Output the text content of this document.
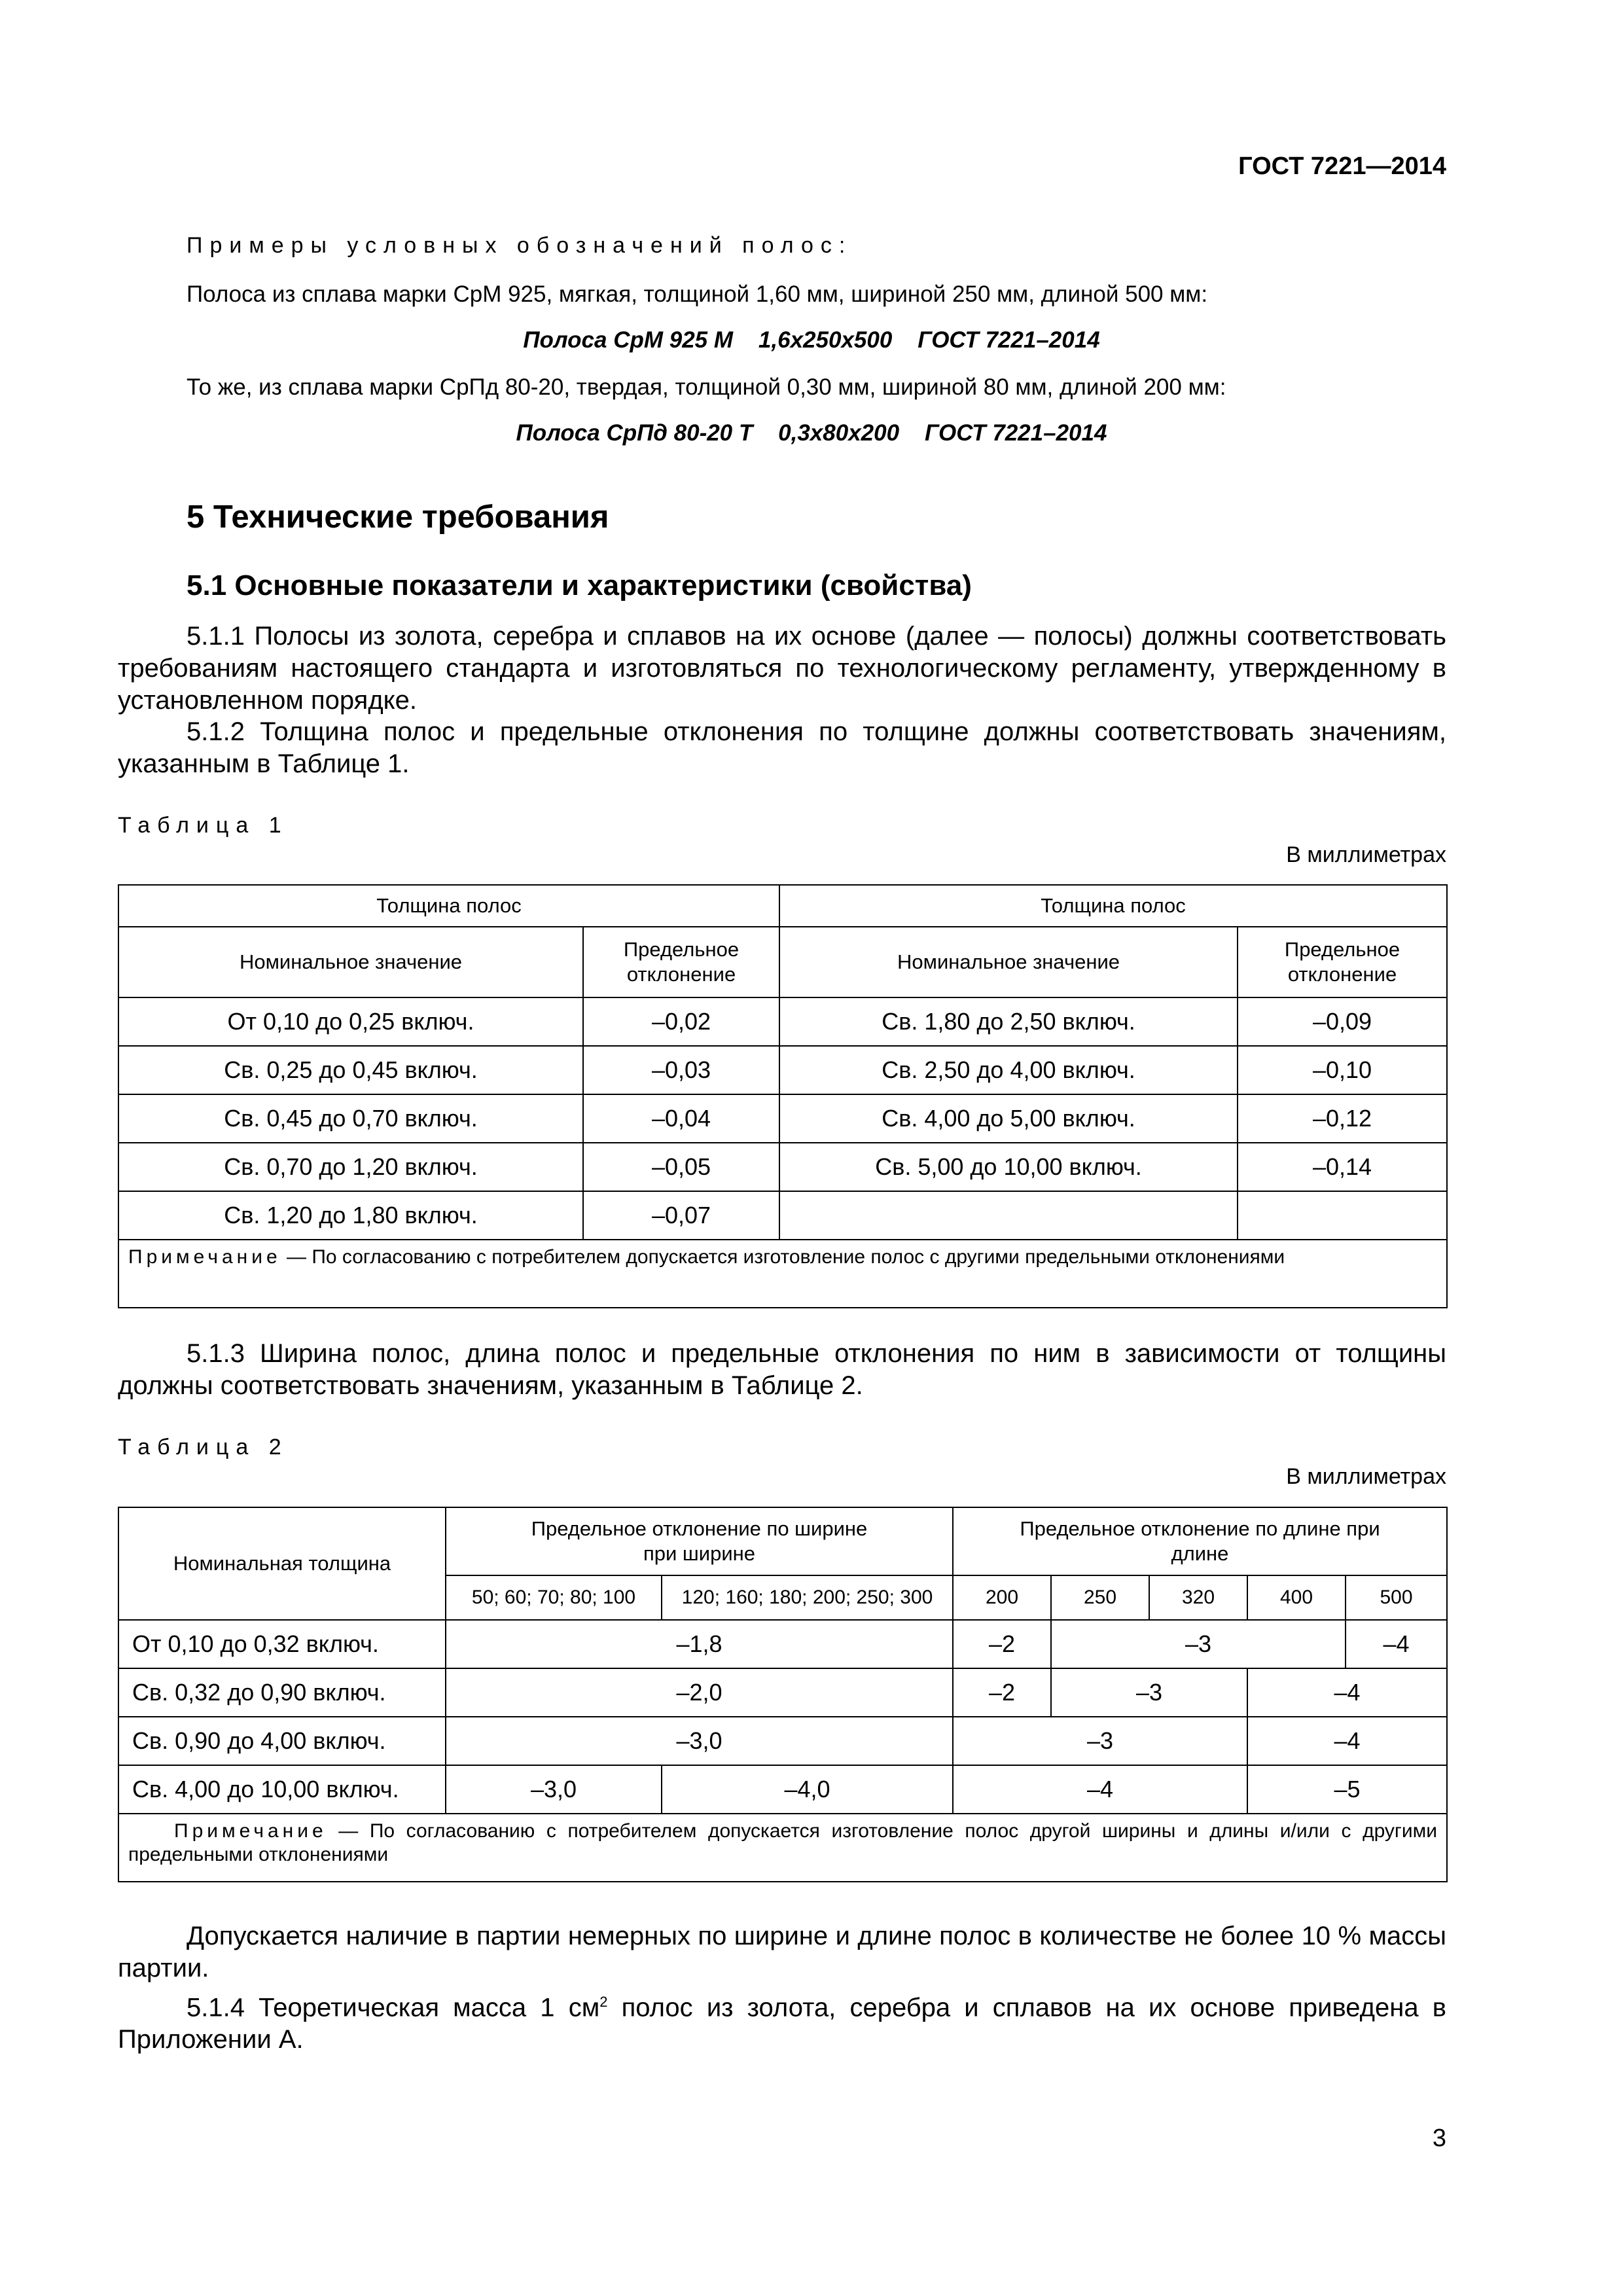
ГОСТ 7221—2014
Примеры условных обозначений полос:
Полоса из сплава марки СрМ 925, мягкая, толщиной 1,60 мм, шириной 250 мм, длиной 500 мм:
Полоса СрМ 925 М    1,6х250х500    ГОСТ 7221–2014
То же, из сплава марки СрПд 80-20, твердая, толщиной 0,30 мм, шириной 80 мм, длиной 200 мм:
Полоса СрПд 80-20 Т    0,3х80х200    ГОСТ 7221–2014
5 Технические требования
5.1 Основные показатели и характеристики (свойства)
5.1.1 Полосы из золота, серебра и сплавов на их основе (далее — полосы) должны соответствовать требованиям настоящего стандарта и изготовляться по технологическому регламенту, утвержденному в установленном порядке.
5.1.2 Толщина полос и предельные отклонения по толщине должны соответствовать значениям, указанным в Таблице 1.
Таблица 1
В миллиметрах
Толщина полос		Толщина полос	
Номинальное значение	Предельное отклонение	Номинальное значение	Предельное отклонение
От 0,10 до 0,25 включ.	–0,02	Св. 1,80 до 2,50 включ.	–0,09
Св. 0,25 до 0,45 включ.	–0,03	Св. 2,50 до 4,00 включ.	–0,10
Св. 0,45 до 0,70 включ.	–0,04	Св. 4,00 до 5,00 включ.	–0,12
Св. 0,70 до 1,20 включ.	–0,05	Св. 5,00 до 10,00 включ.	–0,14
Св. 1,20 до 1,80 включ.	–0,07		
Примечание — По согласованию с потребителем допускается изготовление полос с другими предельными отклонениями			
5.1.3 Ширина полос, длина полос и предельные отклонения по ним в зависимости от толщины должны соответствовать значениям, указанным в Таблице 2.
Таблица 2
В миллиметрах
Номинальная толщина	Предельное отклонение по ширине при ширине		Предельное отклонение по длине при длине				

	50; 60; 70; 80; 100	120; 160; 180; 200; 250; 300	200	250	320	400	500
От 0,10 до 0,32 включ.	–1,8		–2	–3			–4
Св. 0,32 до 0,90 включ.	–2,0		–2	–3		–4	
Св. 0,90 до 4,00 включ.	–3,0		–3			–4	
Св. 4,00 до 10,00 включ.	–3,0	–4,0	–4			–5	
Примечание — По согласованию с потребителем допускается изготовление полос другой ширины и длины и/или с другими предельными отклонениями							
Допускается наличие в партии немерных по ширине и длине полос в количестве не более 10 % массы партии.
5.1.4 Теоретическая масса 1 $см^2$ полос из золота, серебра и сплавов на их основе приведена в Приложении А.
3
